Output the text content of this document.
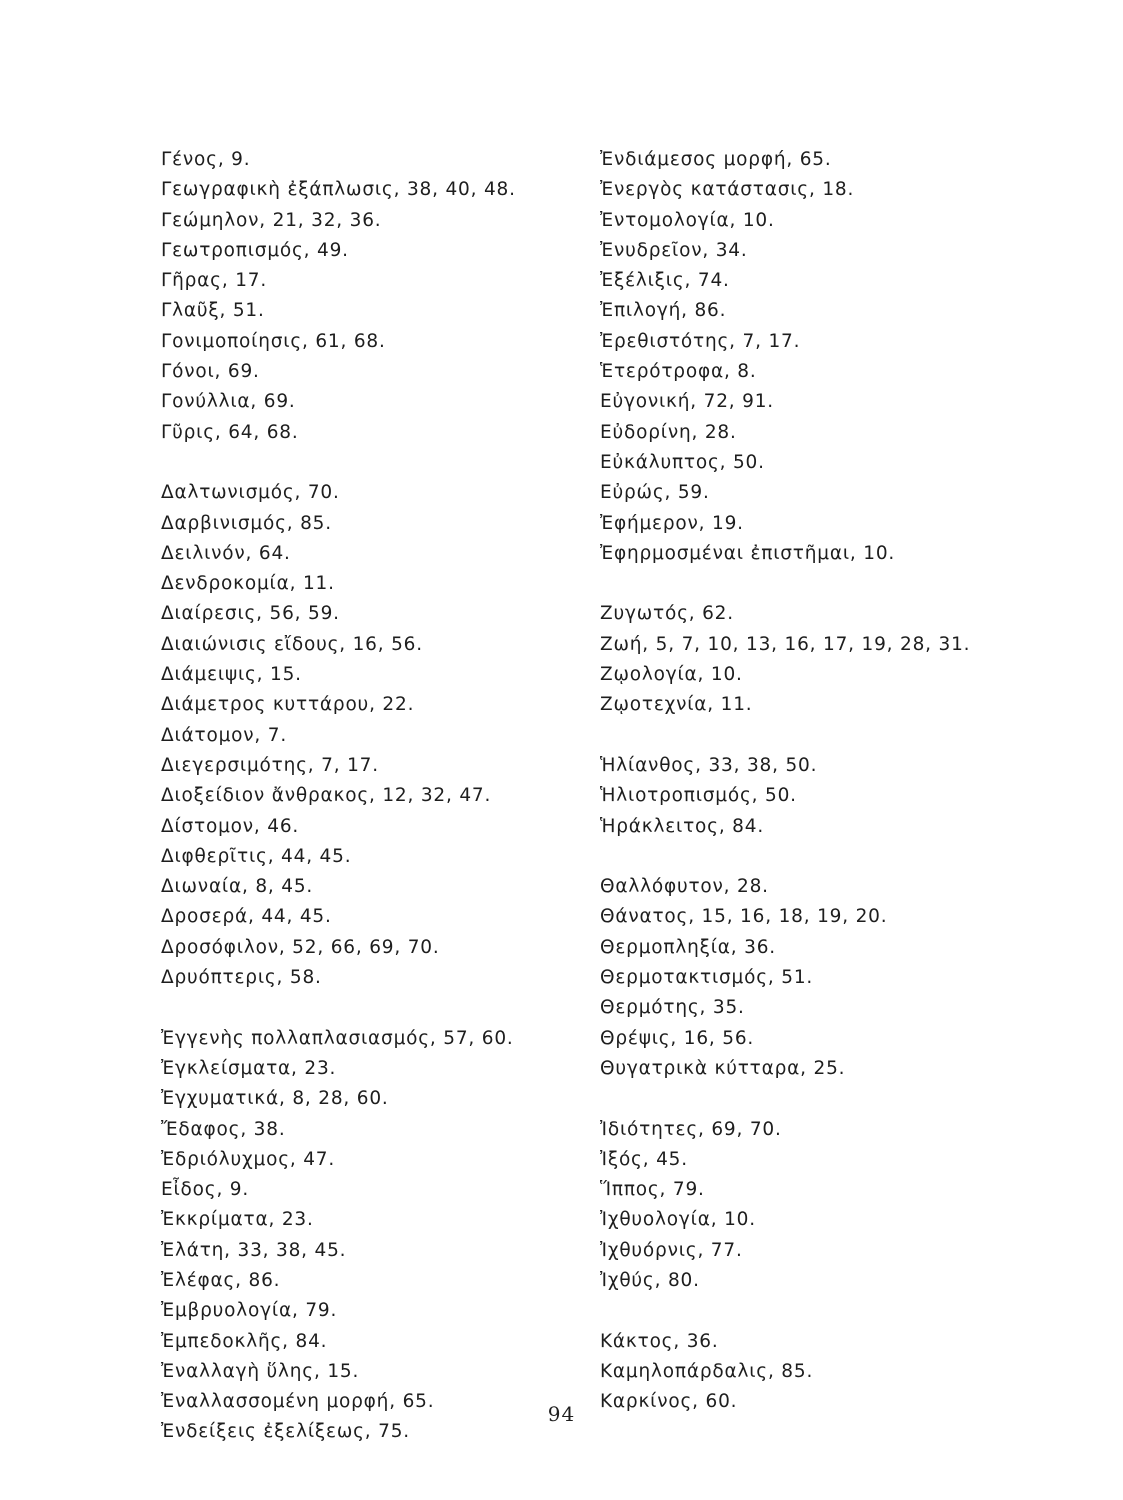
Γένος, 9.
Γεωγραφικὴ ἐξάπλωσις, 38, 40, 48.
Γεώμηλον, 21, 32, 36.
Γεωτροπισμός, 49.
Γῆρας, 17.
Γλαῦξ, 51.
Γονιμοποίησις, 61, 68.
Γόνοι, 69.
Γονύλλια, 69.
Γῦρις, 64, 68.
Δαλτωνισμός, 70.
Δαρβινισμός, 85.
Δειλινόν, 64.
Δενδροκομία, 11.
Διαίρεσις, 56, 59.
Διαιώνισις εἴδους, 16, 56.
Διάμειψις, 15.
Διάμετρος κυττάρου, 22.
Διάτομον, 7.
Διεγερσιμότης, 7, 17.
Διοξείδιον ἄνθρακος, 12, 32, 47.
Δίστομον, 46.
Διφθερῖτις, 44, 45.
Διωναία, 8, 45.
Δροσερά, 44, 45.
Δροσόφιλον, 52, 66, 69, 70.
Δρυόπτερις, 58.
Ἐγγενὴς πολλαπλασιασμός, 57, 60.
Ἐγκλείσματα, 23.
Ἐγχυματικά, 8, 28, 60.
Ἔδαφος, 38.
Ἐδριόλυχμος, 47.
Εἶδος, 9.
Ἐκκρίματα, 23.
Ἐλάτη, 33, 38, 45.
Ἐλέφας, 86.
Ἐμβρυολογία, 79.
Ἐμπεδοκλῆς, 84.
Ἐναλλαγὴ ὕλης, 15.
Ἐναλλασσομένη μορφή, 65.
Ἐνδείξεις ἐξελίξεως, 75.
Ἐνδιάμεσος μορφή, 65.
Ἐνεργὸς κατάστασις, 18.
Ἐντομολογία, 10.
Ἐνυδρεῖον, 34.
Ἐξέλιξις, 74.
Ἐπιλογή, 86.
Ἐρεθιστότης, 7, 17.
Ἑτερότροφα, 8.
Εὐγονική, 72, 91.
Εὐδορίνη, 28.
Εὐκάλυπτος, 50.
Εὐρώς, 59.
Ἐφήμερον, 19.
Ἐφηρμοσμέναι ἐπιστῆμαι, 10.
Ζυγωτός, 62.
Ζωή, 5, 7, 10, 13, 16, 17, 19, 28, 31.
Ζῳολογία, 10.
Ζῳοτεχνία, 11.
Ἡλίανθος, 33, 38, 50.
Ἡλιοτροπισμός, 50.
Ἡράκλειτος, 84.
Θαλλόφυτον, 28.
Θάνατος, 15, 16, 18, 19, 20.
Θερμοπληξία, 36.
Θερμοτακτισμός, 51.
Θερμότης, 35.
Θρέψις, 16, 56.
Θυγατρικὰ κύτταρα, 25.
Ἰδιότητες, 69, 70.
Ἰξός, 45.
Ἵππος, 79.
Ἰχθυολογία, 10.
Ἰχθυόρνις, 77.
Ἰχθύς, 80.
Κάκτος, 36.
Καμηλοπάρδαλις, 85.
Καρκίνος, 60.
94
